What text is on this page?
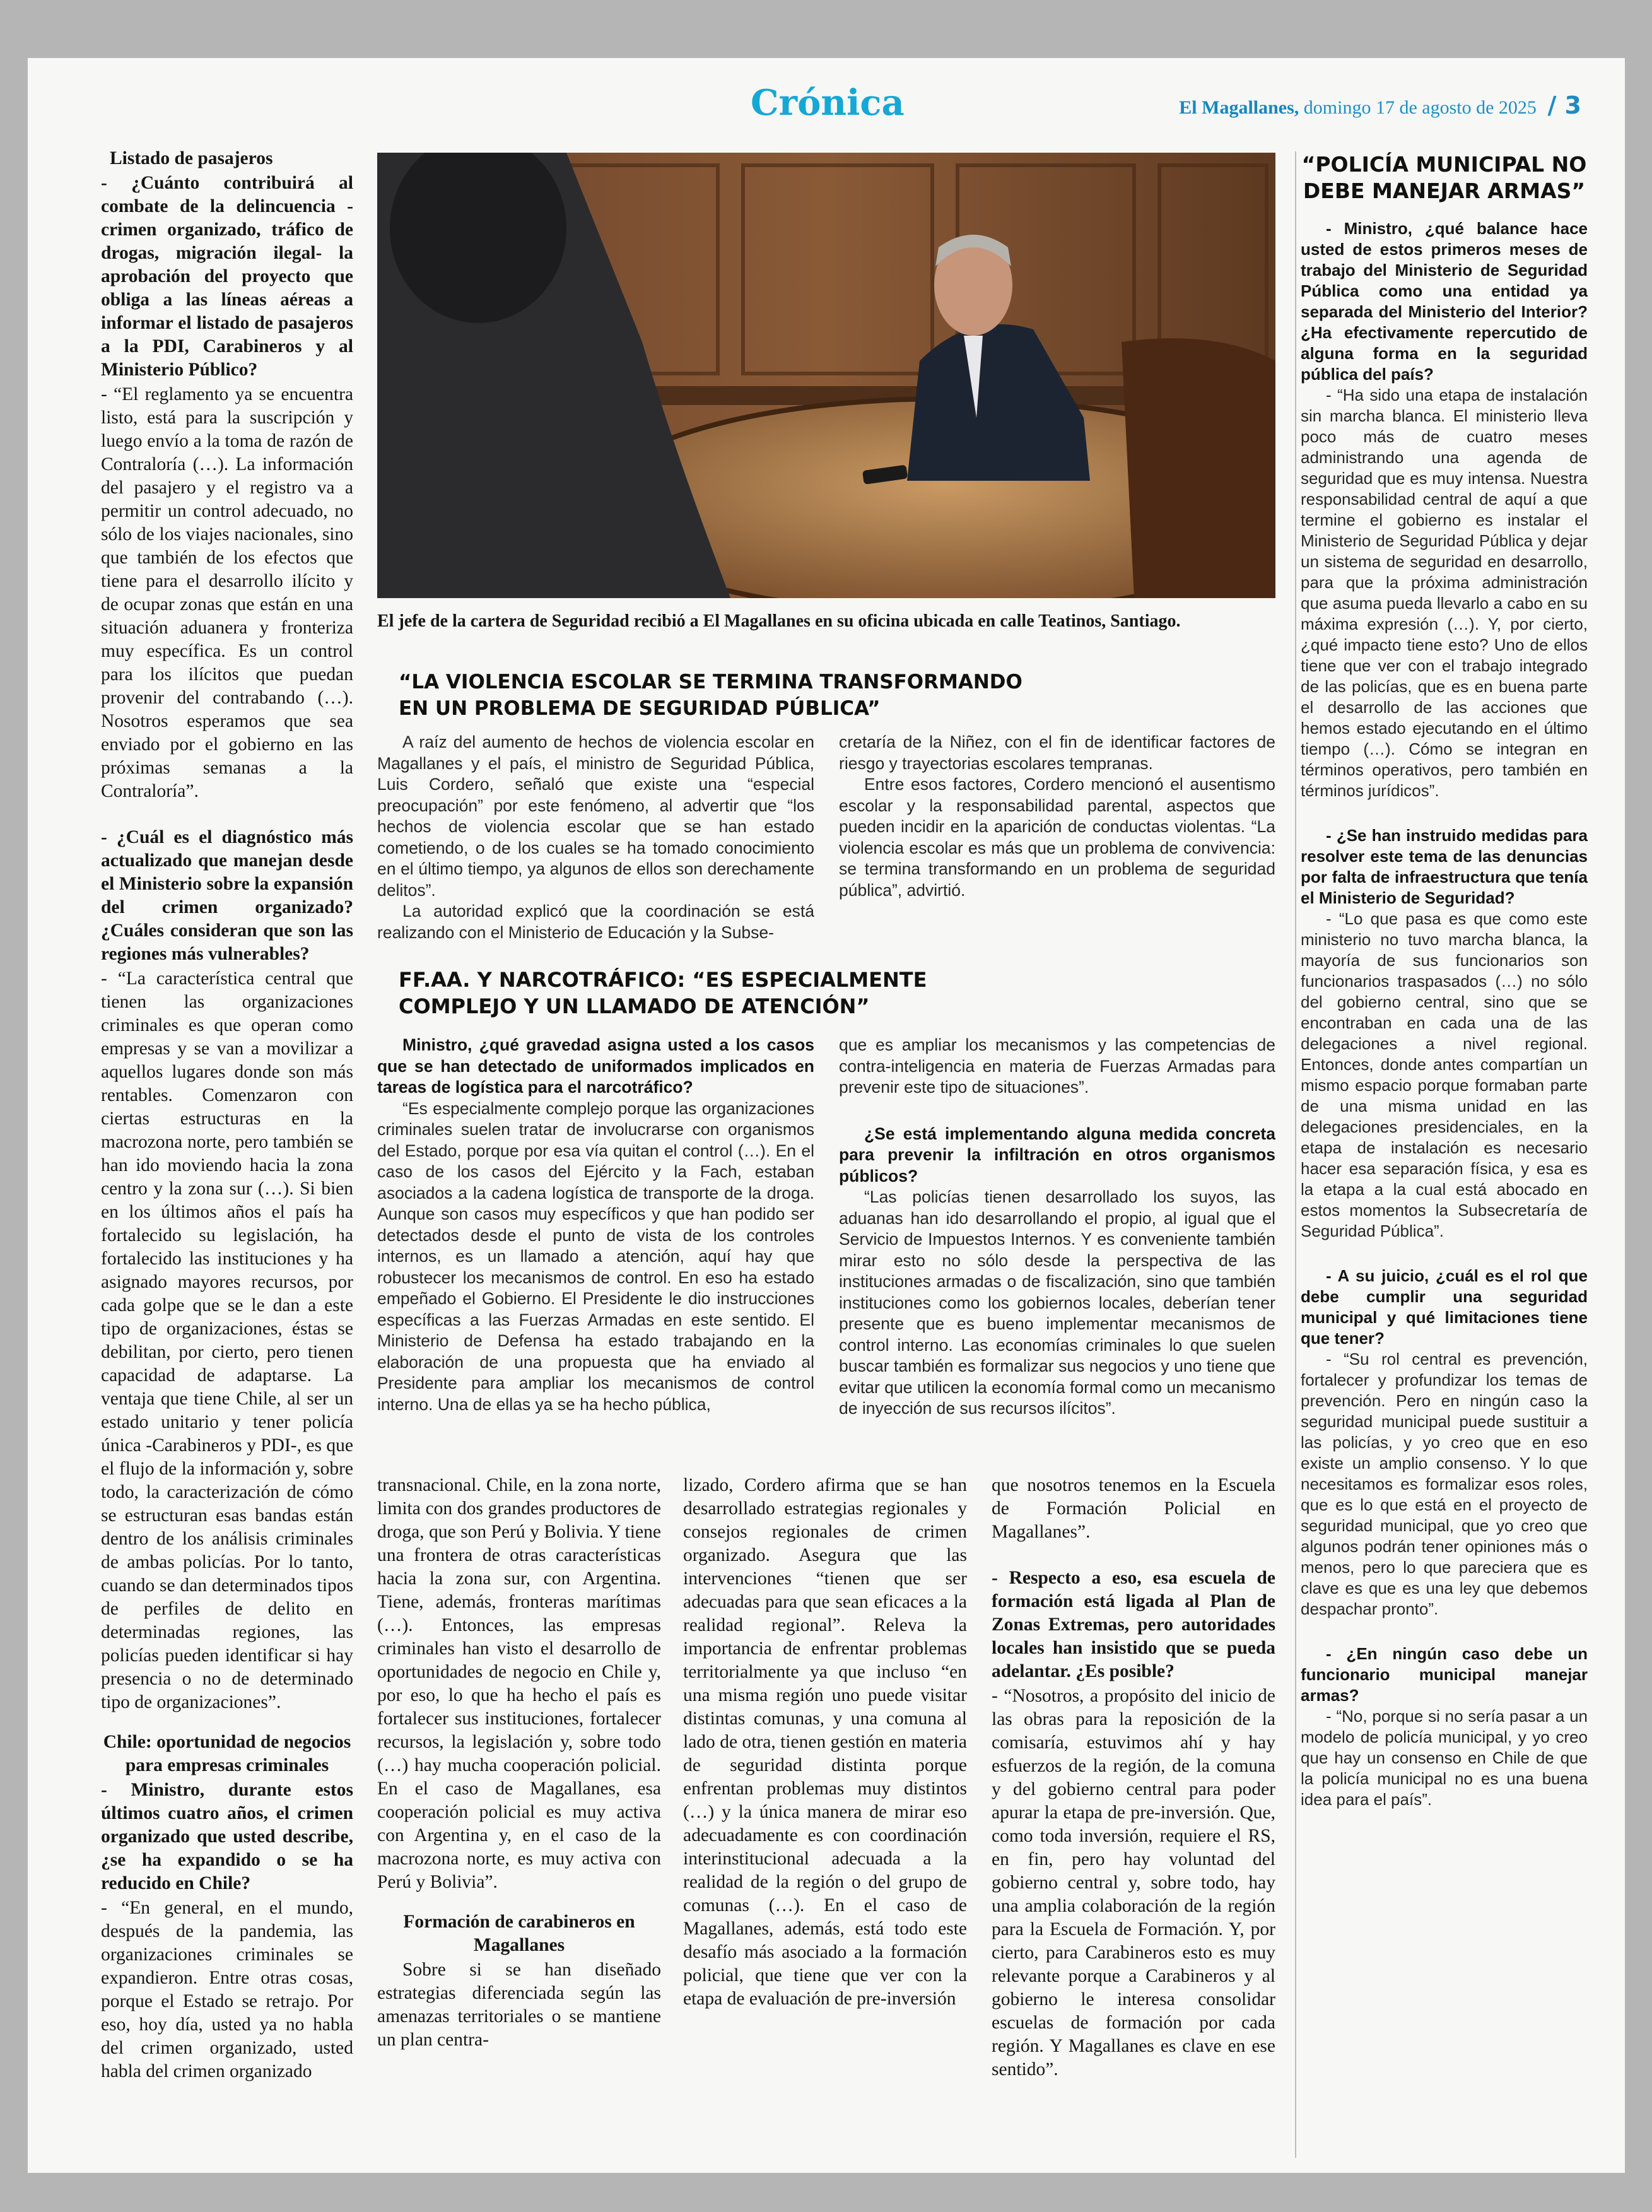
Crónica	El Magallanes, domingo 17 de agosto de 2025 / 3

Listado de pasajeros

- ¿Cuánto contribuirá al combate de la delincuencia -crimen organizado, tráfico de drogas, migración ilegal- la aprobación del proyecto que obliga a las líneas aéreas a informar el listado de pasajeros a la PDI, Carabineros y al Ministerio Público?

- “El reglamento ya se encuentra listo, está para la suscripción y luego envío a la toma de razón de Contraloría (…). La información del pasajero y el registro va a permitir un control adecuado, no sólo de los viajes nacionales, sino que también de los efectos que tiene para el desarrollo ilícito y de ocupar zonas que están en una situación aduanera y fronteriza muy específica. Es un control para los ilícitos que puedan provenir del contrabando (…). Nosotros esperamos que sea enviado por el gobierno en las próximas semanas a la Contraloría”.

- ¿Cuál es el diagnóstico más actualizado que manejan desde el Ministerio sobre la expansión del crimen organizado? ¿Cuáles consideran que son las regiones más vulnerables?

- “La característica central que tienen las organizaciones criminales es que operan como empresas y se van a movilizar a aquellos lugares donde son más rentables. Comenzaron con ciertas estructuras en la macrozona norte, pero también se han ido moviendo hacia la zona centro y la zona sur (…). Si bien en los últimos años el país ha fortalecido su legislación, ha fortalecido las instituciones y ha asignado mayores recursos, por cada golpe que se le dan a este tipo de organizaciones, éstas se debilitan, por cierto, pero tienen capacidad de adaptarse. La ventaja que tiene Chile, al ser un estado unitario y tener policía única -Carabineros y PDI-, es que el flujo de la información y, sobre todo, la caracterización de cómo se estructuran esas bandas están dentro de los análisis criminales de ambas policías. Por lo tanto, cuando se dan determinados tipos de perfiles de delito en determinadas regiones, las policías pueden identificar si hay presencia o no de determinado tipo de organizaciones”.

Chile: oportunidad de negocios para empresas criminales

- Ministro, durante estos últimos cuatro años, el crimen organizado que usted describe, ¿se ha expandido o se ha reducido en Chile?

- “En general, en el mundo, después de la pandemia, las organizaciones criminales se expandieron. Entre otras cosas, porque el Estado se retrajo. Por eso, hoy día, usted ya no habla del crimen organizado, usted habla del crimen organizado

El jefe de la cartera de Seguridad recibió a El Magallanes en su oficina ubicada en calle Teatinos, Santiago.
“LA VIOLENCIA ESCOLAR SE TERMINA TRANSFORMANDO EN UN PROBLEMA DE SEGURIDAD PÚBLICA”

A raíz del aumento de hechos de violencia escolar en Magallanes y el país, el ministro de Seguridad Pública, Luis Cordero, señaló que existe una “especial preocupación” por este fenómeno, al advertir que “los hechos de violencia escolar que se han estado cometiendo, o de los cuales se ha tomado conocimiento en el último tiempo, ya algunos de ellos son derechamente delitos”.

La autoridad explicó que la coordinación se está realizando con el Ministerio de Educación y la Subse-

cretaría de la Niñez, con el fin de identificar factores de riesgo y trayectorias escolares tempranas.

Entre esos factores, Cordero mencionó el ausentismo escolar y la responsabilidad parental, aspectos que pueden incidir en la aparición de conductas violentas. “La violencia escolar es más que un problema de convivencia: se termina transformando en un problema de seguridad pública”, advirtió.

FF.AA. Y NARCOTRÁFICO: “ES ESPECIALMENTE COMPLEJO Y UN LLAMADO DE ATENCIÓN”

Ministro, ¿qué gravedad asigna usted a los casos que se han detectado de uniformados implicados en tareas de logística para el narcotráfico?

“Es especialmente complejo porque las organizaciones criminales suelen tratar de involucrarse con organismos del Estado, porque por esa vía quitan el control (…). En el caso de los casos del Ejército y la Fach, estaban asociados a la cadena logística de transporte de la droga. Aunque son casos muy específicos y que han podido ser detectados desde el punto de vista de los controles internos, es un llamado a atención, aquí hay que robustecer los mecanismos de control. En eso ha estado empeñado el Gobierno. El Presidente le dio instrucciones específicas a las Fuerzas Armadas en este sentido. El Ministerio de Defensa ha estado trabajando en la elaboración de una propuesta que ha enviado al Presidente para ampliar los mecanismos de control interno. Una de ellas ya se ha hecho pública,

que es ampliar los mecanismos y las competencias de contra-inteligencia en materia de Fuerzas Armadas para prevenir este tipo de situaciones”.

¿Se está implementando alguna medida concreta para prevenir la infiltración en otros organismos públicos?

“Las policías tienen desarrollado los suyos, las aduanas han ido desarrollando el propio, al igual que el Servicio de Impuestos Internos. Y es conveniente también mirar esto no sólo desde la perspectiva de las instituciones armadas o de fiscalización, sino que también instituciones como los gobiernos locales, deberían tener presente que es bueno implementar mecanismos de control interno. Las economías criminales lo que suelen buscar también es formalizar sus negocios y uno tiene que evitar que utilicen la economía formal como un mecanismo de inyección de sus recursos ilícitos”.

transnacional. Chile, en la zona norte, limita con dos grandes productores de droga, que son Perú y Bolivia. Y tiene una frontera de otras características hacia la zona sur, con Argentina. Tiene, además, fronteras marítimas (…). Entonces, las empresas criminales han visto el desarrollo de oportunidades de negocio en Chile y, por eso, lo que ha hecho el país es fortalecer sus instituciones, fortalecer recursos, la legislación y, sobre todo (…) hay mucha cooperación policial. En el caso de Magallanes, esa cooperación policial es muy activa con Argentina y, en el caso de la macrozona norte, es muy activa con Perú y Bolivia”.

Formación de carabineros en Magallanes

Sobre si se han diseñado estrategias diferenciada según las amenazas territoriales o se mantiene un plan centra-

lizado, Cordero afirma que se han desarrollado estrategias regionales y consejos regionales de crimen organizado. Asegura que las intervenciones “tienen que ser adecuadas para que sean eficaces a la realidad regional”. Releva la importancia de enfrentar problemas territorialmente ya que incluso “en una misma región uno puede visitar distintas comunas, y una comuna al lado de otra, tienen gestión en materia de seguridad distinta porque enfrentan problemas muy distintos (…) y la única manera de mirar eso adecuadamente es con coordinación interinstitucional adecuada a la realidad de la región o del grupo de comunas (…). En el caso de Magallanes, además, está todo este desafío más asociado a la formación policial, que tiene que ver con la etapa de evaluación de pre-inversión

que nosotros tenemos en la Escuela de Formación Policial en Magallanes”.

- Respecto a eso, esa escuela de formación está ligada al Plan de Zonas Extremas, pero autoridades locales han insistido que se pueda adelantar. ¿Es posible?

- “Nosotros, a propósito del inicio de las obras para la reposición de la comisaría, estuvimos ahí y hay esfuerzos de la región, de la comuna y del gobierno central para poder apurar la etapa de pre-inversión. Que, como toda inversión, requiere el RS, en fin, pero hay voluntad del gobierno central y, sobre todo, hay una amplia colaboración de la región para la Escuela de Formación. Y, por cierto, para Carabineros esto es muy relevante porque a Carabineros y al gobierno le interesa consolidar escuelas de formación por cada región. Y Magallanes es clave en ese sentido”.

“POLICÍA MUNICIPAL NO DEBE MANEJAR ARMAS”

- Ministro, ¿qué balance hace usted de estos primeros meses de trabajo del Ministerio de Seguridad Pública como una entidad ya separada del Ministerio del Interior? ¿Ha efectivamente repercutido de alguna forma en la seguridad pública del país?

- “Ha sido una etapa de instalación sin marcha blanca. El ministerio lleva poco más de cuatro meses administrando una agenda de seguridad que es muy intensa. Nuestra responsabilidad central de aquí a que termine el gobierno es instalar el Ministerio de Seguridad Pública y dejar un sistema de seguridad en desarrollo, para que la próxima administración que asuma pueda llevarlo a cabo en su máxima expresión (…). Y, por cierto, ¿qué impacto tiene esto? Uno de ellos tiene que ver con el trabajo integrado de las policías, que es en buena parte el desarrollo de las acciones que hemos estado ejecutando en el último tiempo (…). Cómo se integran en términos operativos, pero también en términos jurídicos”.

- ¿Se han instruido medidas para resolver este tema de las denuncias por falta de infraestructura que tenía el Ministerio de Seguridad?

- “Lo que pasa es que como este ministerio no tuvo marcha blanca, la mayoría de sus funcionarios son funcionarios traspasados (…) no sólo del gobierno central, sino que se encontraban en cada una de las delegaciones a nivel regional. Entonces, donde antes compartían un mismo espacio porque formaban parte de una misma unidad en las delegaciones presidenciales, en la etapa de instalación es necesario hacer esa separación física, y esa es la etapa a la cual está abocado en estos momentos la Subsecretaría de Seguridad Pública”.

- A su juicio, ¿cuál es el rol que debe cumplir una seguridad municipal y qué limitaciones tiene que tener?

- “Su rol central es prevención, fortalecer y profundizar los temas de prevención. Pero en ningún caso la seguridad municipal puede sustituir a las policías, y yo creo que en eso existe un amplio consenso. Y lo que necesitamos es formalizar esos roles, que es lo que está en el proyecto de seguridad municipal, que yo creo que algunos podrán tener opiniones más o menos, pero lo que pareciera que es clave es que es una ley que debemos despachar pronto”.

- ¿En ningún caso debe un funcionario municipal manejar armas?

- “No, porque si no sería pasar a un modelo de policía municipal, y yo creo que hay un consenso en Chile de que la policía municipal no es una buena idea para el país”.
